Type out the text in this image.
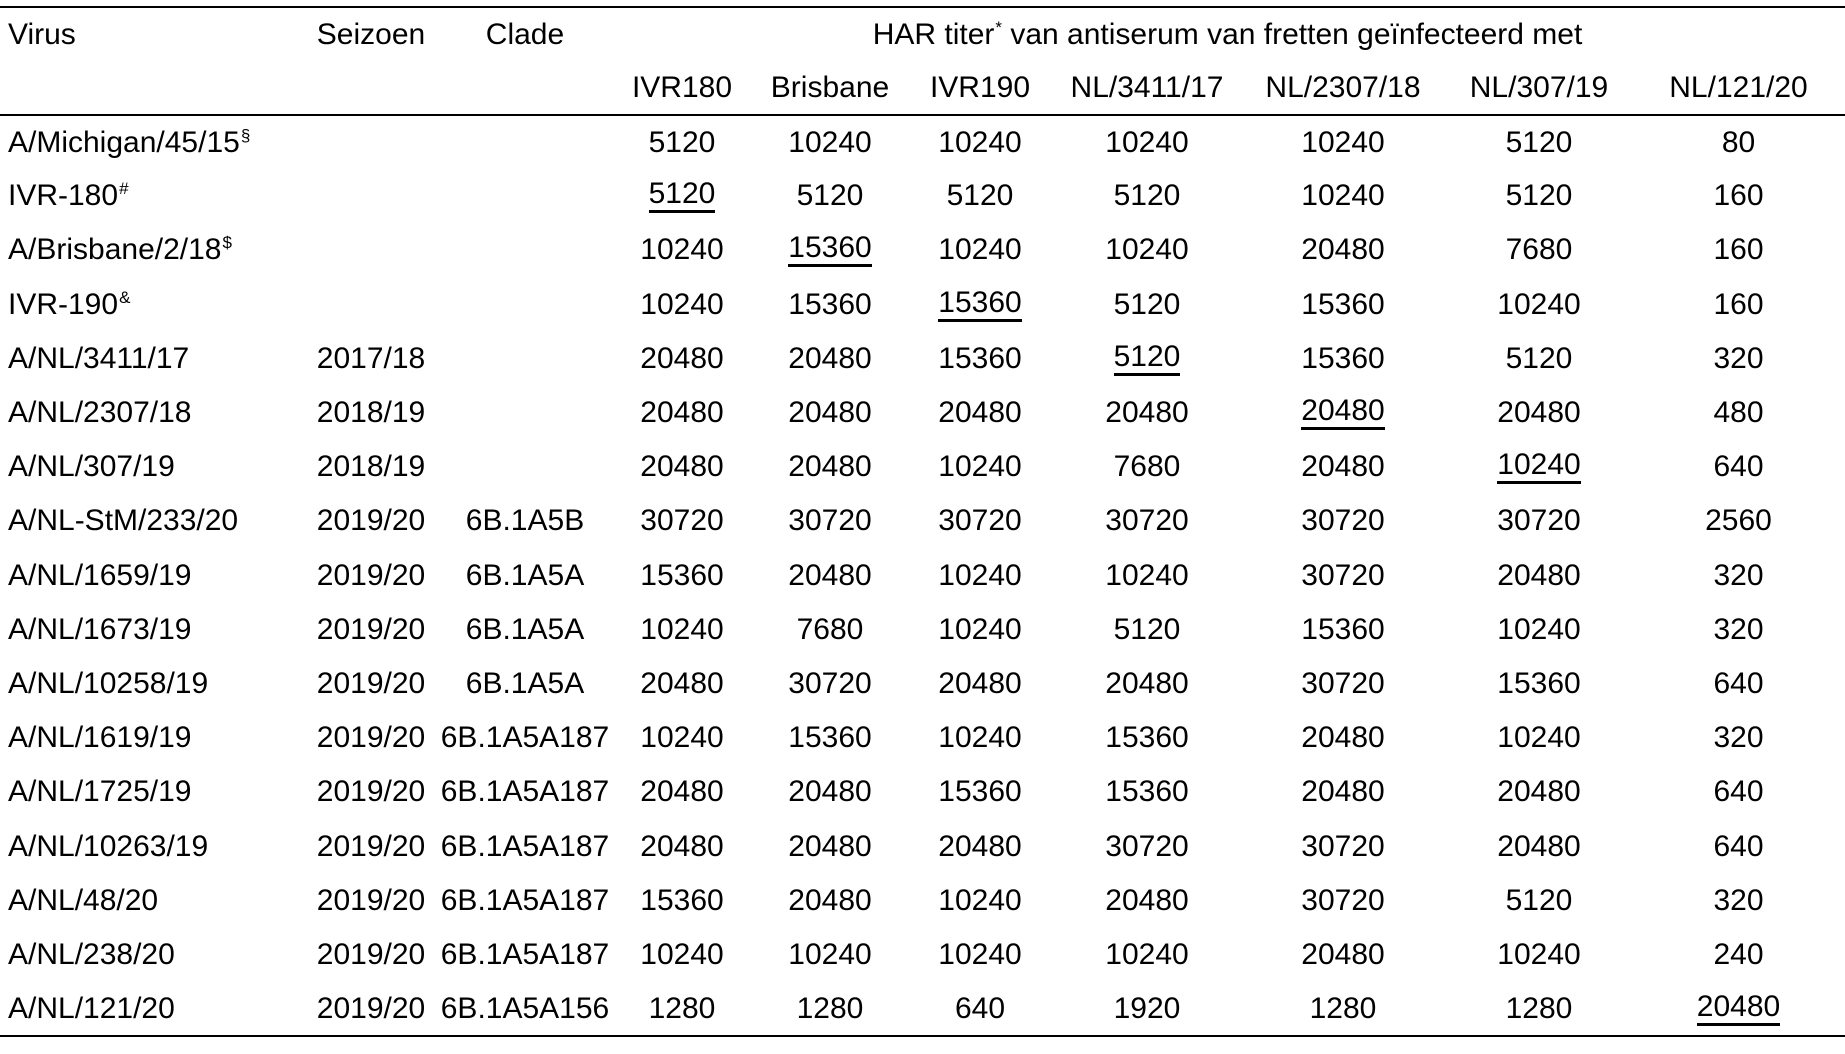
Virus	Seizoen	Clade	HAR titer* van antiserum van fretten geïnfecteerd met						
			IVR180	Brisbane	IVR190	NL/3411/17	NL/2307/18	NL/307/19	NL/121/20
A/Michigan/45/15§			5120	10240	10240	10240	10240	5120	80
IVR-180#			5120	5120	5120	5120	10240	5120	160
A/Brisbane/2/18$			10240	15360	10240	10240	20480	7680	160
IVR-190&			10240	15360	15360	5120	15360	10240	160
A/NL/3411/17	2017/18		20480	20480	15360	5120	15360	5120	320
A/NL/2307/18	2018/19		20480	20480	20480	20480	20480	20480	480
A/NL/307/19	2018/19		20480	20480	10240	7680	20480	10240	640
A/NL-StM/233/20	2019/20	6B.1A5B	30720	30720	30720	30720	30720	30720	2560
A/NL/1659/19	2019/20	6B.1A5A	15360	20480	10240	10240	30720	20480	320
A/NL/1673/19	2019/20	6B.1A5A	10240	7680	10240	5120	15360	10240	320
A/NL/10258/19	2019/20	6B.1A5A	20480	30720	20480	20480	30720	15360	640
A/NL/1619/19	2019/20	6B.1A5A187	10240	15360	10240	15360	20480	10240	320
A/NL/1725/19	2019/20	6B.1A5A187	20480	20480	15360	15360	20480	20480	640
A/NL/10263/19	2019/20	6B.1A5A187	20480	20480	20480	30720	30720	20480	640
A/NL/48/20	2019/20	6B.1A5A187	15360	20480	10240	20480	30720	5120	320
A/NL/238/20	2019/20	6B.1A5A187	10240	10240	10240	10240	20480	10240	240
A/NL/121/20	2019/20	6B.1A5A156	1280	1280	640	1920	1280	1280	20480
